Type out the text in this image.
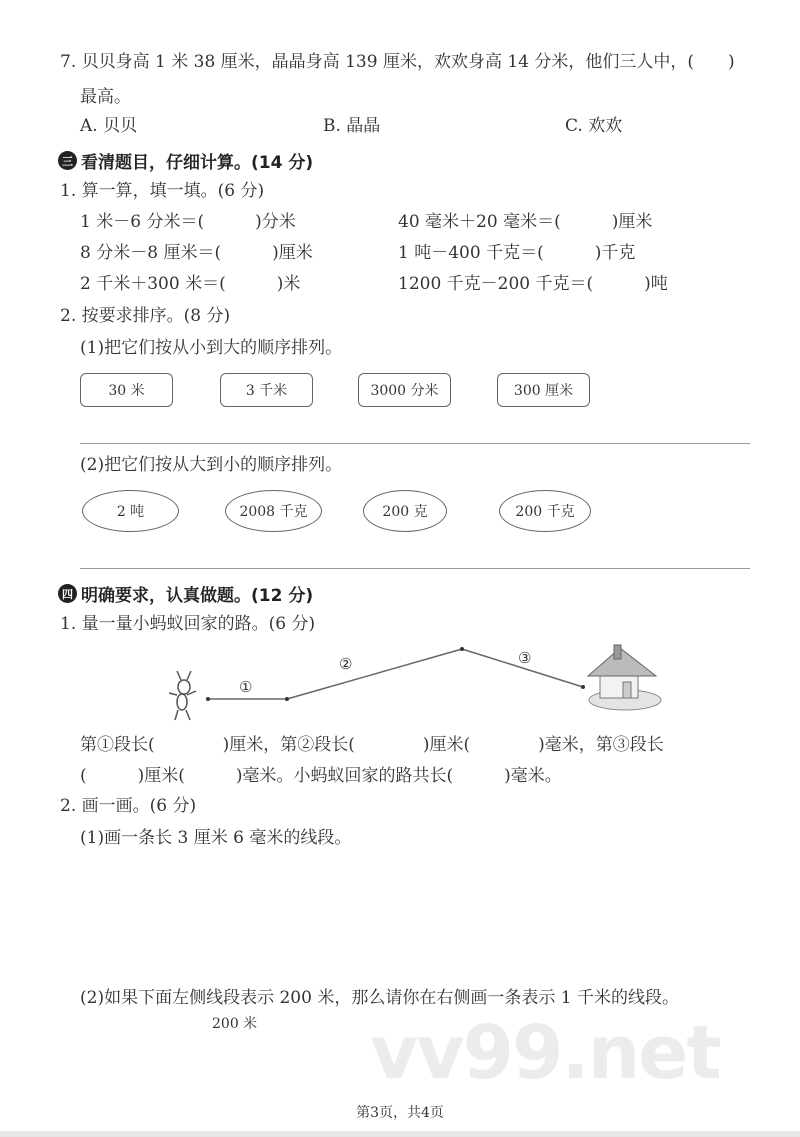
7. 贝贝身高 1 米 38 厘米，晶晶身高 139 厘米，欢欢身高 14 分米，他们三人中，(　　)
最高。
A. 贝贝	B. 晶晶	C. 欢欢
三 看清题目，仔细计算。(14 分)
1. 算一算，填一填。(6 分)
1 米－6 分米＝(　　　)分米	40 毫米＋20 毫米＝(　　　)厘米
8 分米－8 厘米＝(　　　)厘米	1 吨－400 千克＝(　　　)千克
2 千米＋300 米＝(　　　)米	1200 千克－200 千克＝(　　　)吨
2. 按要求排序。(8 分)
(1)把它们按从小到大的顺序排列。
30 米	3 千米	3000 分米	300 厘米
(2)把它们按从大到小的顺序排列。
2 吨	2008 千克	200 克	200 千克
四 明确要求，认真做题。(12 分)
1. 量一量小蚂蚁回家的路。(6 分)
①
②	③
第①段长(　　　　)厘米，第②段长(　　　　)厘米(　　　　)毫米，第③段长
(　　　)厘米(　　　)毫米。小蚂蚁回家的路共长(　　　)毫米。
2. 画一画。(6 分)
(1)画一条长 3 厘米 6 毫米的线段。
(2)如果下面左侧线段表示 200 米，那么请你在右侧画一条表示 1 千米的线段。
vv99.net
200 米
第3页，共4页
